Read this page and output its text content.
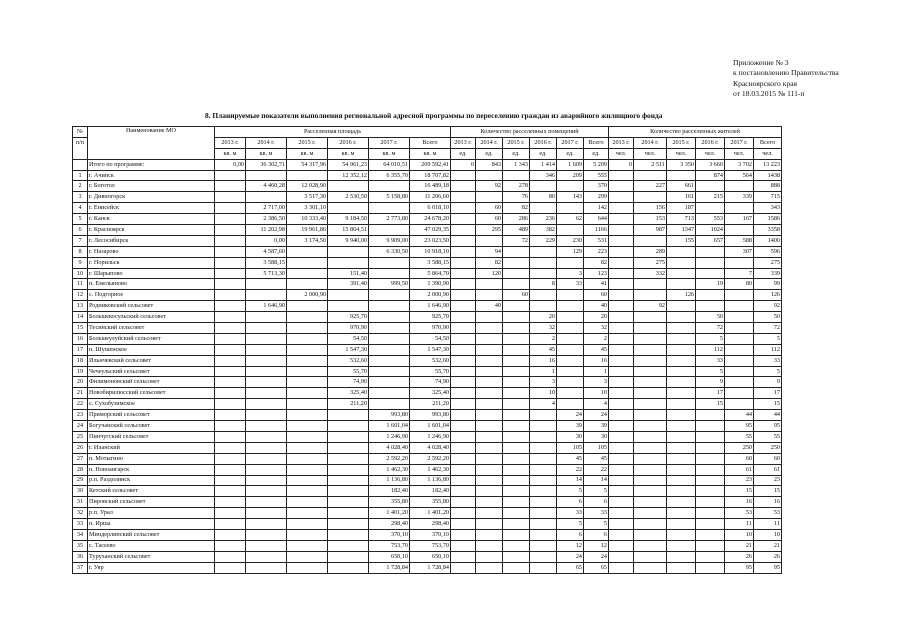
Приложение № 3
к постановлению Правительства
Красноярского края
от 18.03.2015 № 111-п
8. Планируемые показатели выполнения региональной адресной программы по переселению граждан из аварийного жилищного фонда
№	Наименование МО	Расселенная площадь						Количество расселенных помещений						Количество расселенных жителей					
п/п		2013 г.	2014 г.	2015 г.	2016 г.	2017 г.	Всего	2013 г.	2014 г.	2015 г.	2016 г.	2017 г.	Всего	2013 г.	2014 г.	2015 г.	2016 г.	2017 г.	Всего
		кв. м	кв. м	кв. м	кв. м	кв. м	кв. м	ед.	ед.	ед.	ед.	ед.	ед.	чел.	чел.	чел.	чел.	чел.	чел.
	Итого по программе:	0,00	36 302,71	54 317,96	54 961,23	64 010,51	209 592,41	0	843	1 343	1 414	1 609	5 209	0	2 511	3 350	3 660	3 702	13 223
1	г. Ачинск				12 352,12	6 355,70	18 707,82				346	209	555				874	564	1438
2	г. Боготол		4 460,28	12 028,90			16 489,18		92	278			370		227	661			888
3	г. Дивногорск			3 517,30	2 530,50	5 158,80	11 206,60			76	80	143	299			161	215	339	715
4	г. Енисейск		2 717,00	3 301,10			6 018,10		60	82			142		156	187			343
5	г. Канск		2 386,50	10 333,40	9 184,50	2 773,80	24 678,20		60	286	236	62	644		153	713	553	167	1586
6	г. Красноярск		11 202,98	19 961,86	15 864,51		47 029,35		295	489	382		1166		987	1347	1024		3358
7	г. Лесосибирск		0,00	3 174,50	9 940,00	9 909,00	23 023,50			72	229	230	531			155	657	588	1400
8	г. Назарово		4 587,60			6 330,50	10 918,10		94			129	223		289			307	596
9	г. Норильск		3 588,15				3 588,15		82				82		275				275
10	г. Шарыпово		5 713,30		151,40		5 864,70		120			3	123		332			7	339
11	п. Емельяново				391,40	999,50	1 390,90				8	33	41				19	80	99
12	с. Подгорное			2 000,90			2 000,90			60			60			126			126
13	Родниковский сельсовет		1 646,90				1 646,90		40				40		92				92
14	Большекосульский сельсовет				925,70		925,70				20		20				50		50
15	Тесинский сельсовет				970,90		970,90				32		32				72		72
16	Большеулуйский сельсовет				54,50		54,50				2		2				5		5
17	п. Шушенское				1 547,30		1 547,30				45		45				112		112
18	Ильичевский сельсовет				532,60		532,60				16		16				33		33
19	Чечеульский сельсовет				55,70		55,70				1		1				5		5
20	Филимоновский сельсовет				74,90		74,90				3		3				9		9
21	Новобирилюсский сельсовет				325,40		325,40				10		10				17		17
22	с. Сухобузимское				211,20		211,20				4		4				15		15
23	Приморский сельсовет					993,80	993,80					24	24					44	44
24	Богучанский сельсовет					1 601,04	1 601,04					39	39					95	95
25	Пинчугский сельсовет					1 246,90	1 246,90					30	30					55	55
26	г. Иланский					4 028,40	4 028,40					105	105					250	250
27	п. Мотыгино					2 592,20	2 592,20					45	45					60	60
28	п. Новоангарск					1 462,30	1 462,30					22	22					61	61
29	р.п. Раздолинск					1 136,80	1 136,80					14	14					23	23
30	Кетский сельсовет					182,40	182,40					5	5					15	15
31	Пировский сельсовет					355,80	355,80					6	6					16	16
32	р.п. Урал					1 401,20	1 401,20					33	33					53	53
33	п. Ирша					298,40	298,40					5	5					11	11
34	Миндерлинский сельсовет					370,10	370,10					6	6					10	10
35	с. Тасеево					753,70	753,70					12	12					21	21
36	Туруханский сельсовет					650,10	650,10					24	24					26	26
37	г. Уяр					1 728,84	1 728,84					65	65					95	95
